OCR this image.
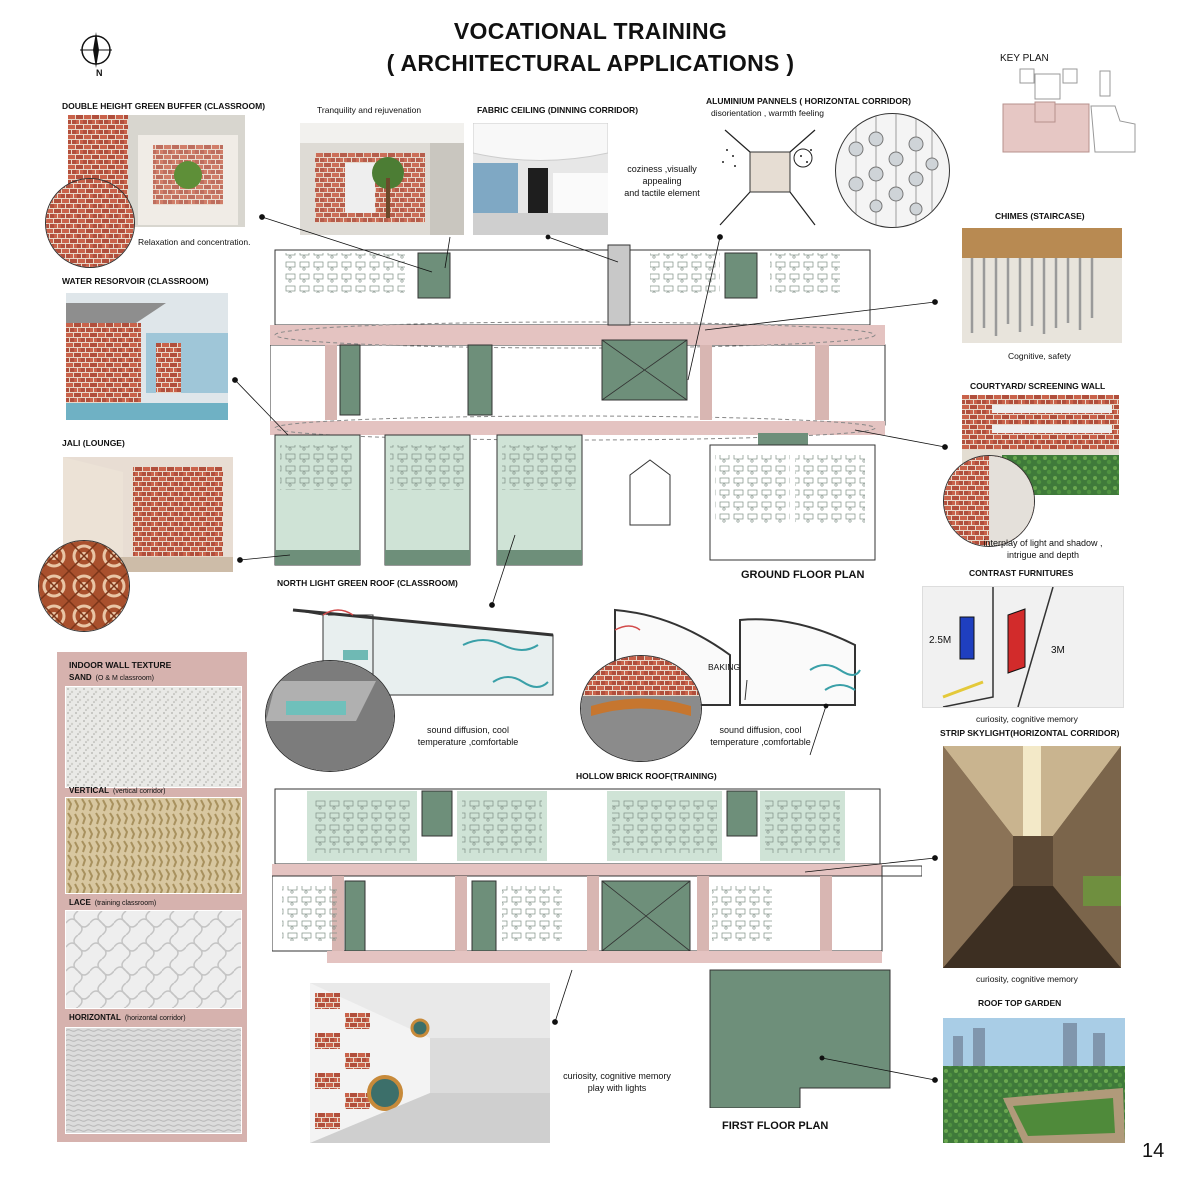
VOCATIONAL TRAINING
( ARCHITECTURAL APPLICATIONS )
N
KEY PLAN
DOUBLE HEIGHT GREEN BUFFER (CLASSROOM)
Relaxation and concentration.
Tranquility and rejuvenation	FABRIC CEILING (DINNING CORRIDOR)
coziness ,visually
appealing
and tactile element
ALUMINIUM PANNELS ( HORIZONTAL CORRIDOR)
disorientation , warmth feeling
CHIMES (STAIRCASE)
Cognitive, safety
WATER RESORVOIR (CLASSROOM)
JALI (LOUNGE)
COURTYARD/ SCREENING WALL
interplay of light and shadow ,
intrigue and depth
GROUND FLOOR PLAN
NORTH LIGHT GREEN ROOF (CLASSROOM)
sound diffusion, cool
temperature ,comfortable
BAKING
sound diffusion, cool
temperature ,comfortable
CONTRAST FURNITURES
2.5M
3M
curiosity, cognitive memory
STRIP SKYLIGHT(HORIZONTAL CORRIDOR)
curiosity, cognitive memory
INDOOR WALL TEXTURE
SAND (O & M classroom)
VERTICAL (vertical corridor)
LACE (training classroom)
HORIZONTAL (horizontal corridor)
HOLLOW BRICK ROOF(TRAINING)
FIRST FLOOR PLAN
curiosity, cognitive memory
play with lights
ROOF TOP GARDEN
14
